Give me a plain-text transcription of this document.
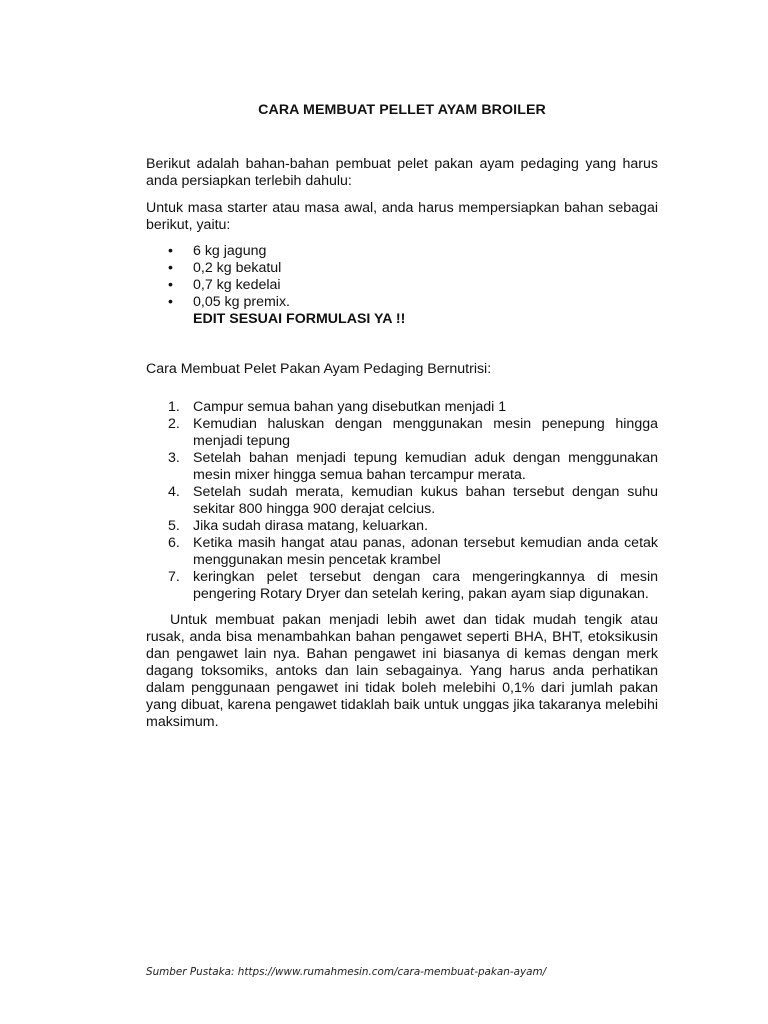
CARA MEMBUAT PELLET AYAM BROILER

Berikut adalah bahan-bahan pembuat pelet pakan ayam pedaging yang harus anda persiapkan terlebih dahulu:

Untuk masa starter atau masa awal, anda harus mempersiapkan bahan sebagai berikut, yaitu:

• 6 kg jagung
• 0,2 kg bekatul
• 0,7 kg kedelai
• 0,05 kg premix.
EDIT SESUAI FORMULASI YA !!

Cara Membuat Pelet Pakan Ayam Pedaging Bernutrisi:

1. Campur semua bahan yang disebutkan menjadi 1
2. Kemudian haluskan dengan menggunakan mesin penepung hingga menjadi tepung
3. Setelah bahan menjadi tepung kemudian aduk dengan menggunakan mesin mixer hingga semua bahan tercampur merata.
4. Setelah sudah merata, kemudian kukus bahan tersebut dengan suhu sekitar 800 hingga 900 derajat celcius.
5. Jika sudah dirasa matang, keluarkan.
6. Ketika masih hangat atau panas, adonan tersebut kemudian anda cetak menggunakan mesin pencetak krambel
7. keringkan pelet tersebut dengan cara mengeringkannya di mesin pengering Rotary Dryer dan setelah kering, pakan ayam siap digunakan.

Untuk membuat pakan menjadi lebih awet dan tidak mudah tengik atau rusak, anda bisa menambahkan bahan pengawet seperti BHA, BHT, etoksikusin dan pengawet lain nya. Bahan pengawet ini biasanya di kemas dengan merk dagang toksomiks, antoks dan lain sebagainya. Yang harus anda perhatikan dalam penggunaan pengawet ini tidak boleh melebihi 0,1% dari jumlah pakan yang dibuat, karena pengawet tidaklah baik untuk unggas jika takaranya melebihi maksimum.

Sumber Pustaka: https://www.rumahmesin.com/cara-membuat-pakan-ayam/
